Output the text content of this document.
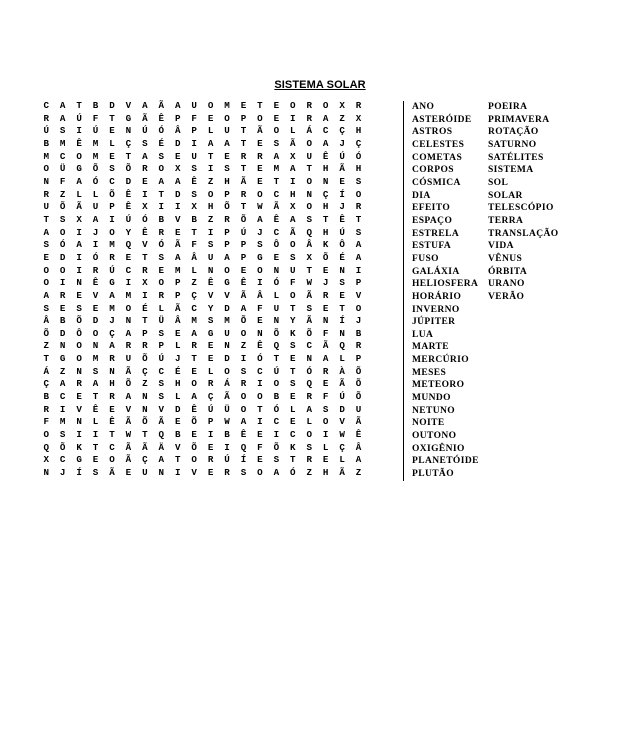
SISTEMA SOLAR
C A T B D V A Ã A U O M E T E O R O X R
R A Ú F T G Ã Ê P F E O P O E I R A Z X
Ú S I Ú E N Ú Ó Â P L U T Ã O L Á C Ç H
B M Ê M L Ç S É D I A A T E S Ã O A J Ç
M C O M E T A S E U T E R R A X U Ê Ú Ó
O Ü G Õ S Õ R O X S I S T E M A T H Ã H
N F A Ó C D E A A Ê Z H Ã E T I O N E S
R Z L L Õ Ê I T D S O P R O C H N Ç Í O
U Õ Ã U P Ê X I I X H Õ T W Ã X O H J R
T S X A I Ú Ó B V B Z R Õ A Ê A S T Ê T
A O I J O Y Ê R E T I P Ú J C Ã Q H Ú S
S Ó A I M Q V Ó Ã F S P P S Ô O Â K Ô A
E D I Ó R E T S A Â U A P G E S X Õ É A
O O I R Ú C R E M L N O E O N U T E N I
O I N Ê G I X O P Z Ê G Ê I Ó F W J S P
A R E V A M I R P Ç V V Ã Â L O Ã R E V
S E S E M O É L Ã C Y D A F U T S E T O
Â B Õ D J N T Ü Â M S M Õ E N Y Ã N Í J
Õ D Ô O Ç A P S E A G U O N Õ K Õ F N B
Z N O N A R R P L R E N Z Ê Q S C Ã Q R
T G O M R U Õ Ú J T E D I Ó T E N A L P
Á Z N S N Ã Ç C É E L O S C Ú T Ó R À Õ
Ç A R A H Õ Z S H O R Á R I O S Q E Ã Õ
B C E T R A N S L A Ç Ã O O B E R F Ú Õ
R I V Ê E V N V D Ê Ú Ü O T Ó L A S D U
F M N L Ê Ã Õ Ã E Õ P W A I C E L O V Ã
O S I I T W T Q B E I B Ê E I C O I W Ê
Q Õ K T C Ã Ã Ä V Õ E I Q F Õ K S L Ç Â
X C G E O Ã Ç A T O R Ú Í E S T R E L A
N J Í S Ã E U N I V E R S O A Ó Z H Ã Z
ANO
ASTERÓIDE
ASTROS
CELESTES
COMETAS
CORPOS
CÓSMICA
DIA
EFEITO
ESPAÇO
ESTRELA
ESTUFA
FUSO
GALÁXIA
HELIOSFERA
HORÁRIO
INVERNO
JÚPITER
LUA
MARTE
MERCÚRIO
MESES
METEORO
MUNDO
NETUNO
NOITE
OUTONO
OXIGÊNIO
PLANETÓIDE
PLUTÃO
POEIRA
PRIMAVERA
ROTAÇÃO
SATURNO
SATÉLITES
SISTEMA
SOL
SOLAR
TELESCÓPIO
TERRA
TRANSLAÇÃO
VIDA
VÊNUS
ÓRBITA
URANO
VERÃO
